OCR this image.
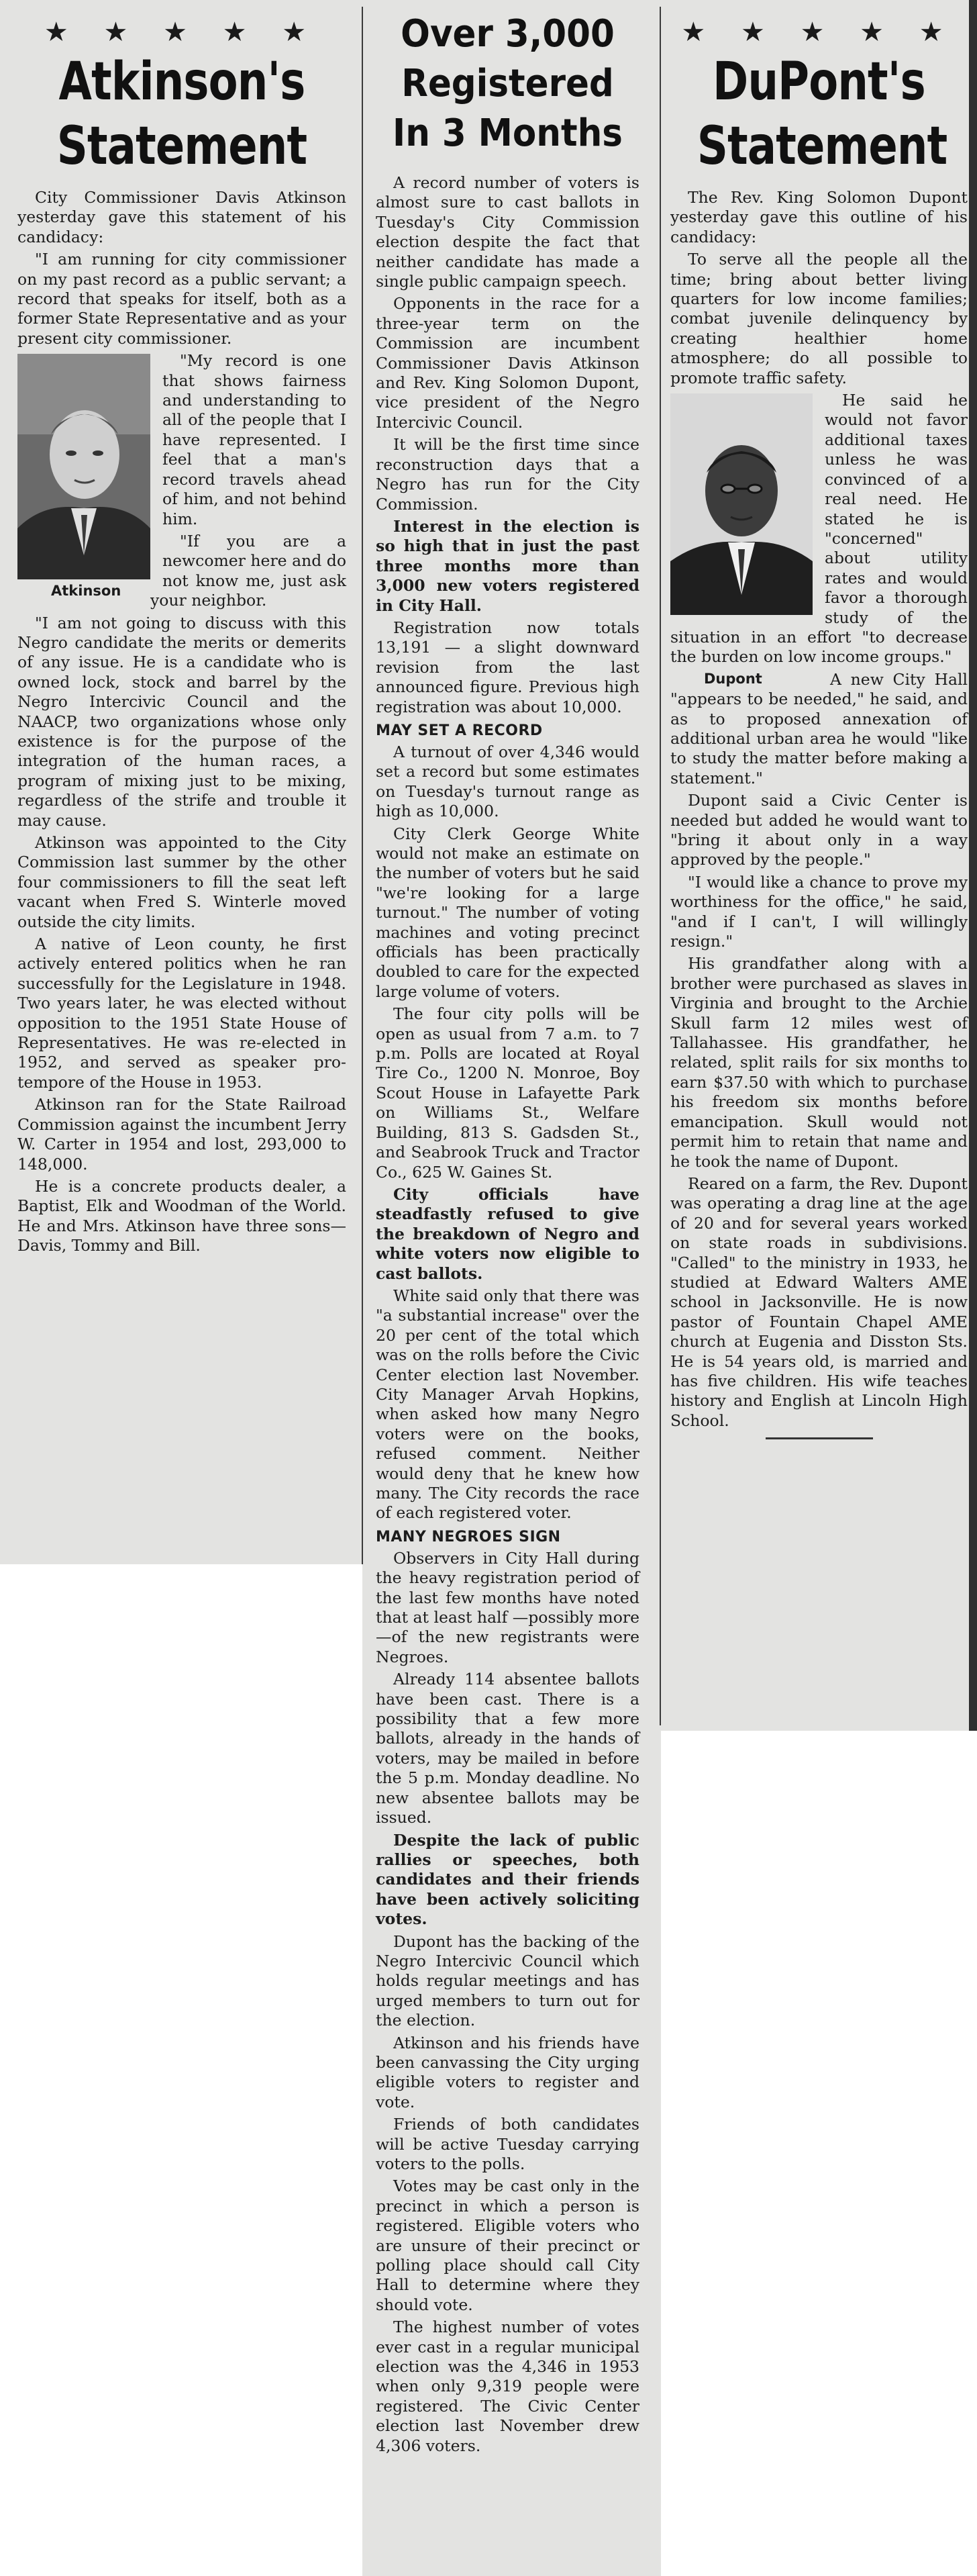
★ ★ ★ ★ ★
Atkinson's
Statement

City Commissioner Davis Atkinson yesterday gave this statement of his candidacy:

"I am running for city commissioner on my past record as a public servant; a record that speaks for itself, both as a former State Representative and as your present city commissioner.

"My record is one that shows fairness and understanding to all of the people that I have represented. I feel that a man's record travels ahead of him, and not behind him.

Atkinson

"If you are a newcomer here and do not know me, just ask your neighbor.

"I am not going to discuss with this Negro candidate the merits or demerits of any issue. He is a candidate who is owned lock, stock and barrel by the Negro Intercivic Council and the NAACP, two organizations whose only existence is for the purpose of the integration of the human races, a program of mixing just to be mixing, regardless of the strife and trouble it may cause.

Atkinson was appointed to the City Commission last summer by the other four commissioners to fill the seat left vacant when Fred S. Winterle moved outside the city limits.

A native of Leon county, he first actively entered politics when he ran successfully for the Legislature in 1948. Two years later, he was elected without opposition to the 1951 State House of Representatives. He was re-elected in 1952, and served as speaker pro-tempore of the House in 1953.

Atkinson ran for the State Railroad Commission against the incumbent Jerry W. Carter in 1954 and lost, 293,000 to 148,000.

He is a concrete products dealer, a Baptist, Elk and Woodman of the World. He and Mrs. Atkinson have three sons—Davis, Tommy and Bill.

Over 3,000
Registered
In 3 Months

A record number of voters is almost sure to cast ballots in Tuesday's City Commission election despite the fact that neither candidate has made a single public campaign speech.

Opponents in the race for a three-year term on the Commission are incumbent Commissioner Davis Atkinson and Rev. King Solomon Dupont, vice president of the Negro Intercivic Council.

It will be the first time since reconstruction days that a Negro has run for the City Commission.

Interest in the election is so high that in just the past three months more than 3,000 new voters registered in City Hall.

Registration now totals 13,191 — a slight downward revision from the last announced figure. Previous high registration was about 10,000.

MAY SET A RECORD

A turnout of over 4,346 would set a record but some estimates on Tuesday's turnout range as high as 10,000.

City Clerk George White would not make an estimate on the number of voters but he said "we're looking for a large turnout." The number of voting machines and voting precinct officials has been practically doubled to care for the expected large volume of voters.

The four city polls will be open as usual from 7 a.m. to 7 p.m. Polls are located at Royal Tire Co., 1200 N. Monroe, Boy Scout House in Lafayette Park on Williams St., Welfare Building, 813 S. Gadsden St., and Seabrook Truck and Tractor Co., 625 W. Gaines St.

City officials have steadfastly refused to give the breakdown of Negro and white voters now eligible to cast ballots.

White said only that there was "a substantial increase" over the 20 per cent of the total which was on the rolls before the Civic Center election last November. City Manager Arvah Hopkins, when asked how many Negro voters were on the books, refused comment. Neither would deny that he knew how many. The City records the race of each registered voter.

MANY NEGROES SIGN

Observers in City Hall during the heavy registration period of the last few months have noted that at least half —possibly more—of the new registrants were Negroes.

Already 114 absentee ballots have been cast. There is a possibility that a few more ballots, already in the hands of voters, may be mailed in before the 5 p.m. Monday deadline. No new absentee ballots may be issued.

Despite the lack of public rallies or speeches, both candidates and their friends have been actively soliciting votes.

Dupont has the backing of the Negro Intercivic Council which holds regular meetings and has urged members to turn out for the election.

Atkinson and his friends have been canvassing the City urging eligible voters to register and vote.

Friends of both candidates will be active Tuesday carrying voters to the polls.

Votes may be cast only in the precinct in which a person is registered. Eligible voters who are unsure of their precinct or polling place should call City Hall to determine where they should vote.

The highest number of votes ever cast in a regular municipal election was the 4,346 in 1953 when only 9,319 people were registered. The Civic Center election last November drew 4,306 voters.

★ ★ ★ ★ ★
DuPont's
Statement

The Rev. King Solomon Dupont yesterday gave this outline of his candidacy:

To serve all the people all the time; bring about better living quarters for low income families; combat juvenile delinquency by creating healthier home atmosphere; do all possible to promote traffic safety.

He said he would not favor additional taxes unless he was convinced of a real need. He stated he is "concerned" about utility rates and would favor a thorough study of the situation in an effort "to decrease the burden on low income groups."

Dupont	A new City Hall "appears to be needed," he said, and as to proposed annexation of additional urban area he would "like to study the matter before making a statement."

Dupont said a Civic Center is needed but added he would want to "bring it about only in a way approved by the people."

"I would like a chance to prove my worthiness for the office," he said, "and if I can't, I will willingly resign."

His grandfather along with a brother were purchased as slaves in Virginia and brought to the Archie Skull farm 12 miles west of Tallahassee. His grandfather, he related, split rails for six months to earn $37.50 with which to purchase his freedom six months before emancipation. Skull would not permit him to retain that name and he took the name of Dupont.

Reared on a farm, the Rev. Dupont was operating a drag line at the age of 20 and for several years worked on state roads in subdivisions. "Called" to the ministry in 1933, he studied at Edward Walters AME school in Jacksonville. He is now pastor of Fountain Chapel AME church at Eugenia and Disston Sts. He is 54 years old, is married and has five children. His wife teaches history and English at Lincoln High School.
